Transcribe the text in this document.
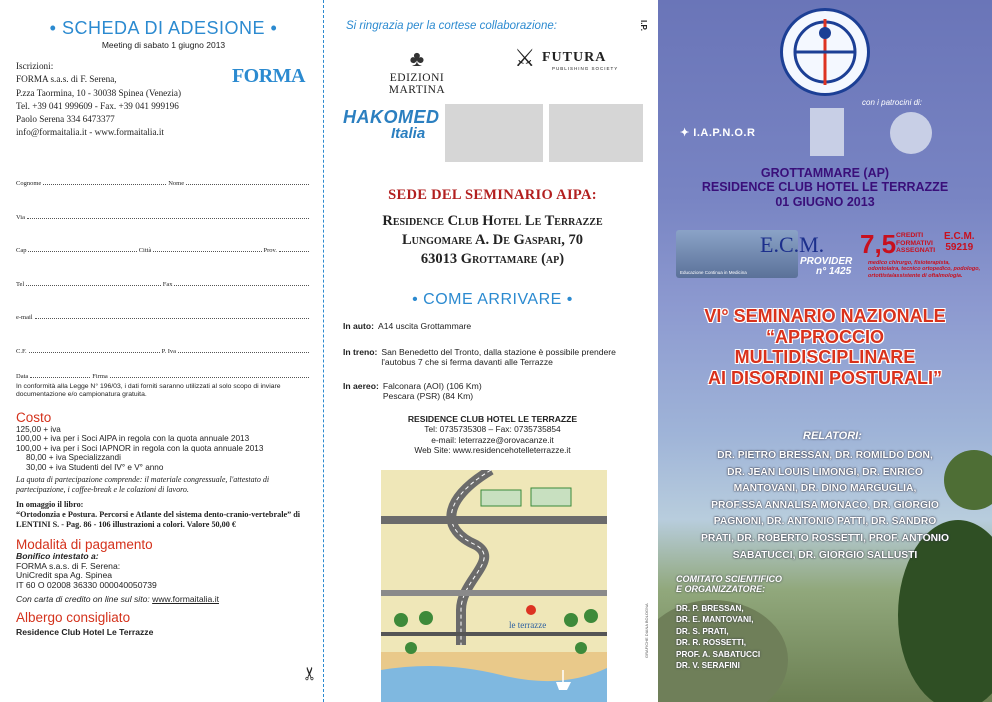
• SCHEDA DI ADESIONE •
Meeting di sabato 1 giugno 2013
Iscrizioni:
FORMA s.a.s. di F. Serena,
P.zza Taormina, 10 - 30038 Spinea (Venezia)
Tel. +39 041 999609 - Fax. +39 041 999196
Paolo Serena 334 6473377
info@formaitalia.it - www.formaitalia.it
FORMA
Cognome	Nome
Via
Cap	Città	Prov.
Tel	Fax
e-mail
C.F.	P. Iva
Data	Firma
In conformità alla Legge N° 196/03, i dati forniti saranno utilizzati al solo scopo di inviare documentazione e/o campionatura gratuita.
Costo
125,00 + iva
100,00 + iva per i Soci AIPA in regola con la quota annuale 2013
100,00 + iva per i Soci IAPNOR in regola con la quota annuale 2013
80,00 + iva Specializzandi
30,00 + iva Studenti del IV° e V° anno
La quota di partecipazione comprende: il materiale congressuale, l'attestato di partecipazione, i coffee-break e le colazioni di lavoro.
In omaggio il libro:
“Ortodonzia e Postura. Percorsi e Atlante del sistema dento-cranio-vertebrale” di LENTINI S. - Pag. 86 - 106 illustrazioni a colori. Valore 50,00 €
Modalità di pagamento
Bonifico intestato a:
FORMA s.a.s. di F. Serena:
UniCredit spa Ag. Spinea
IT 60 O 02008 36330 000040050739
Con carta di credito on line sul sito: www.formaitalia.it
Albergo consigliato
Residence Club Hotel Le Terrazze
✂
Si ringrazia per la cortese collaborazione:	I.P.
♣
EDIZIONI MARTINA
⚔ FUTURA
PUBLISHING SOCIETY
HAKOMED
Italia
SEDE DEL SEMINARIO AIPA:
Residence Club Hotel Le Terrazze
Lungomare A. De Gaspari, 70
63013 Grottamare (ap)
• COME ARRIVARE •
In auto: A14 uscita Grottammare
In treno: San Benedetto del Tronto, dalla stazione è possibile prendere l'autobus 7 che si ferma davanti alle Terrazze
In aereo: Falconara (AOI) (106 Km) Pescara (PSR) (84 Km)
RESIDENCE CLUB HOTEL LE TERRAZZE
Tel: 0735735308 – Fax: 0735735854
e-mail: leterrazze@orovacanze.it
Web Site: www.residencehotelleterrazze.it
le terrazze	GRAFICHE DIANA BOLOGNA
con i patrocini di:
✦ I.A.P.N.O.R
GROTTAMMARE (AP)
RESIDENCE CLUB HOTEL LE TERRAZZE
01 GIUGNO 2013
Educazione Continua in Medicina
E.C.M. 7,5 CREDITI
FORMATIVI
ASSEGNATI
E.C.M.
59219
PROVIDER
n° 1425
medico chirurgo, fisioterapista, odontoiatra, tecnico ortopedico, podologo, ortottista/assistente di oftalmologia.
VI° SEMINARIO NAZIONALE
“APPROCCIO
MULTIDISCIPLINARE
AI DISORDINI POSTURALI”
RELATORI:
DR. PIETRO BRESSAN, DR. ROMILDO DON,
DR. JEAN LOUIS LIMONGI, DR. ENRICO
MANTOVANI, DR. DINO MARGUGLIA,
PROF.SSA ANNALISA MONACO, DR. GIORGIO
PAGNONI, DR. ANTONIO PATTI, DR. SANDRO
PRATI, DR. ROBERTO ROSSETTI, PROF. ANTONIO
SABATUCCI, DR. GIORGIO SALLUSTI
COMITATO SCIENTIFICO
E ORGANIZZATORE:
DR. P. BRESSAN,
DR. E. MANTOVANI,
DR. S. PRATI,
DR. R. ROSSETTI,
PROF. A. SABATUCCI
DR. V. SERAFINI
